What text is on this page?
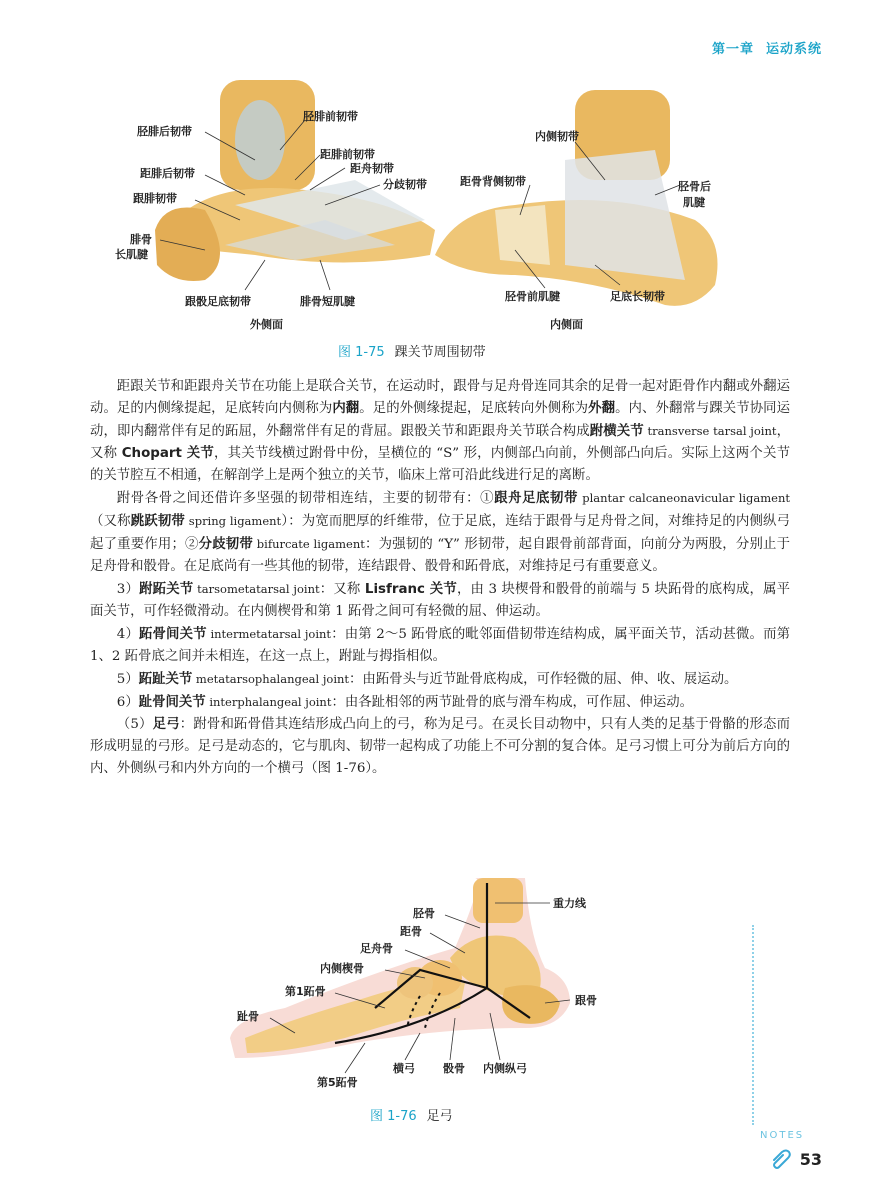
第一章 运动系统
胫腓后韧带
胫腓前韧带
距腓前韧带
距舟韧带
距腓后韧带
分歧韧带
跟腓韧带
腓骨
长肌腱
跟骰足底韧带	腓骨短肌腱
外侧面
内侧韧带
距骨背侧韧带	胫骨后
肌腱
胫骨前肌腱	足底长韧带
内侧面
图 1-75 踝关节周围韧带

距跟关节和距跟舟关节在功能上是联合关节，在运动时，跟骨与足舟骨连同其余的足骨一起对距骨作内翻或外翻运动。足的内侧缘提起，足底转向内侧称为内翻。足的外侧缘提起，足底转向外侧称为外翻。内、外翻常与踝关节协同运动，即内翻常伴有足的跖屈，外翻常伴有足的背屈。跟骰关节和距跟舟关节联合构成跗横关节 transverse tarsal joint，又称 Chopart 关节，其关节线横过跗骨中份，呈横位的 “S” 形，内侧部凸向前，外侧部凸向后。实际上这两个关节的关节腔互不相通，在解剖学上是两个独立的关节，临床上常可沿此线进行足的离断。

跗骨各骨之间还借许多坚强的韧带相连结，主要的韧带有：①跟舟足底韧带 plantar calcaneonavicular ligament（又称跳跃韧带 spring ligament）：为宽而肥厚的纤维带，位于足底，连结于跟骨与足舟骨之间，对维持足的内侧纵弓起了重要作用；②分歧韧带 bifurcate ligament：为强韧的 “Y” 形韧带，起自跟骨前部背面，向前分为两股，分别止于足舟骨和骰骨。在足底尚有一些其他的韧带，连结跟骨、骰骨和跖骨底，对维持足弓有重要意义。

3）跗跖关节 tarsometatarsal joint：又称 Lisfranc 关节，由 3 块楔骨和骰骨的前端与 5 块跖骨的底构成，属平面关节，可作轻微滑动。在内侧楔骨和第 1 跖骨之间可有轻微的屈、伸运动。

4）跖骨间关节 intermetatarsal joint：由第 2～5 跖骨底的毗邻面借韧带连结构成，属平面关节，活动甚微。而第 1、2 跖骨底之间并未相连，在这一点上，跗趾与拇指相似。

5）跖趾关节 metatarsophalangeal joint：由跖骨头与近节趾骨底构成，可作轻微的屈、伸、收、展运动。

6）趾骨间关节 interphalangeal joint：由各趾相邻的两节趾骨的底与滑车构成，可作屈、伸运动。

（5）足弓：跗骨和跖骨借其连结形成凸向上的弓，称为足弓。在灵长目动物中，只有人类的足基于骨骼的形态而形成明显的弓形。足弓是动态的，它与肌肉、韧带一起构成了功能上不可分割的复合体。足弓习惯上可分为前后方向的内、外侧纵弓和内外方向的一个横弓（图 1-76）。

重力线
胫骨
距骨
足舟骨
内侧楔骨
第1跖骨
跟骨
趾骨
横弓	骰骨 内侧纵弓
第5跖骨
图 1-76 足弓
NOTES
53
